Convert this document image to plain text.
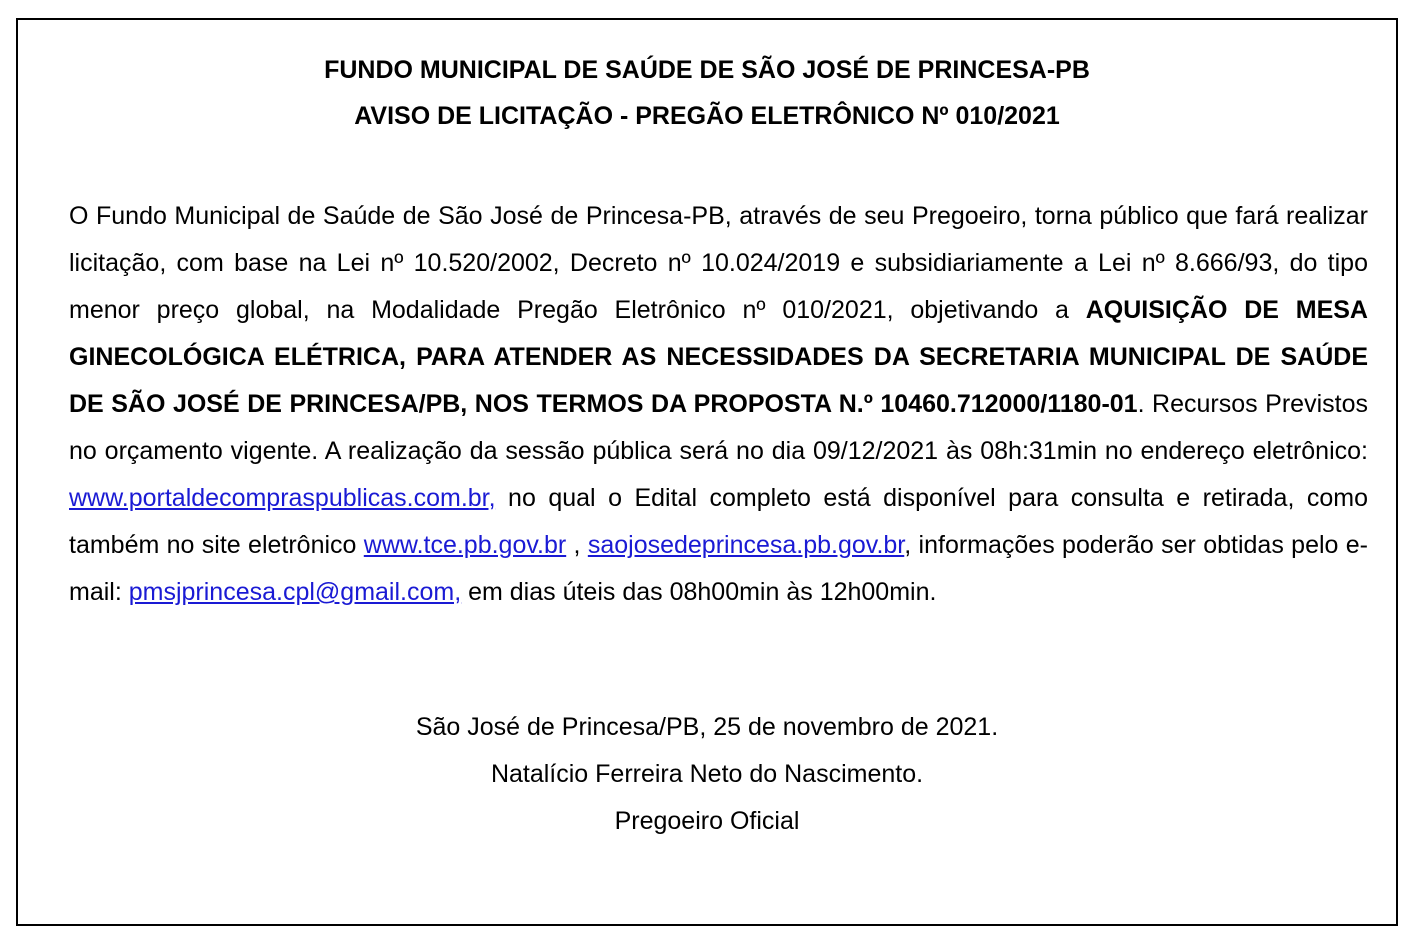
FUNDO MUNICIPAL DE SAÚDE DE SÃO JOSÉ DE PRINCESA-PB

AVISO DE LICITAÇÃO - PREGÃO ELETRÔNICO Nº 010/2021

O Fundo Municipal de Saúde de São José de Princesa-PB, através de seu Pregoeiro, torna público que fará realizar licitação, com base na Lei nº 10.520/2002, Decreto nº 10.024/2019 e subsidiariamente a Lei nº 8.666/93, do tipo menor preço global, na Modalidade Pregão Eletrônico nº 010/2021, objetivando a AQUISIÇÃO DE MESA GINECOLÓGICA ELÉTRICA, PARA ATENDER AS NECESSIDADES DA SECRETARIA MUNICIPAL DE SAÚDE DE SÃO JOSÉ DE PRINCESA/PB, NOS TERMOS DA PROPOSTA N.º 10460.712000/1180-01. Recursos Previstos no orçamento vigente. A realização da sessão pública será no dia 09/12/2021 às 08h:31min no endereço eletrônico: www.portaldecompraspublicas.com.br, no qual o Edital completo está disponível para consulta e retirada, como também no site eletrônico www.tce.pb.gov.br , saojosedeprincesa.pb.gov.br, informações poderão ser obtidas pelo e-mail: pmsjprincesa.cpl@gmail.com, em dias úteis das 08h00min às 12h00min.

São José de Princesa/PB, 25 de novembro de 2021.

Natalício Ferreira Neto do Nascimento.

Pregoeiro Oficial
